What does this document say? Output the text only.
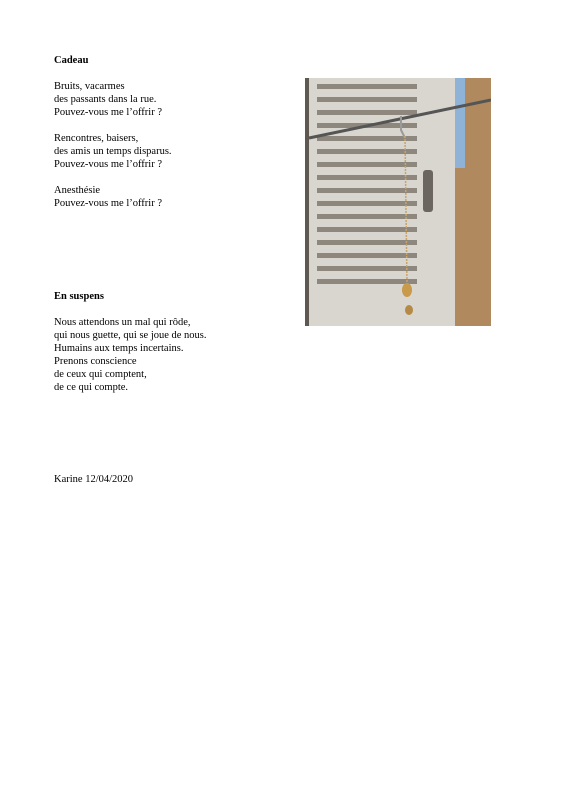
Cadeau
Bruits, vacarmes
des passants dans la rue.
Pouvez-vous me l’offrir ?
Rencontres, baisers,
des amis un temps disparus.
Pouvez-vous me l’offrir ?
Anesthésie
Pouvez-vous me l’offrir ?
En suspens
Nous attendons un mal qui rôde,
qui nous guette, qui se joue de nous.
Humains aux temps incertains.
Prenons conscience
de ceux qui comptent,
de ce qui compte.
Karine 12/04/2020
